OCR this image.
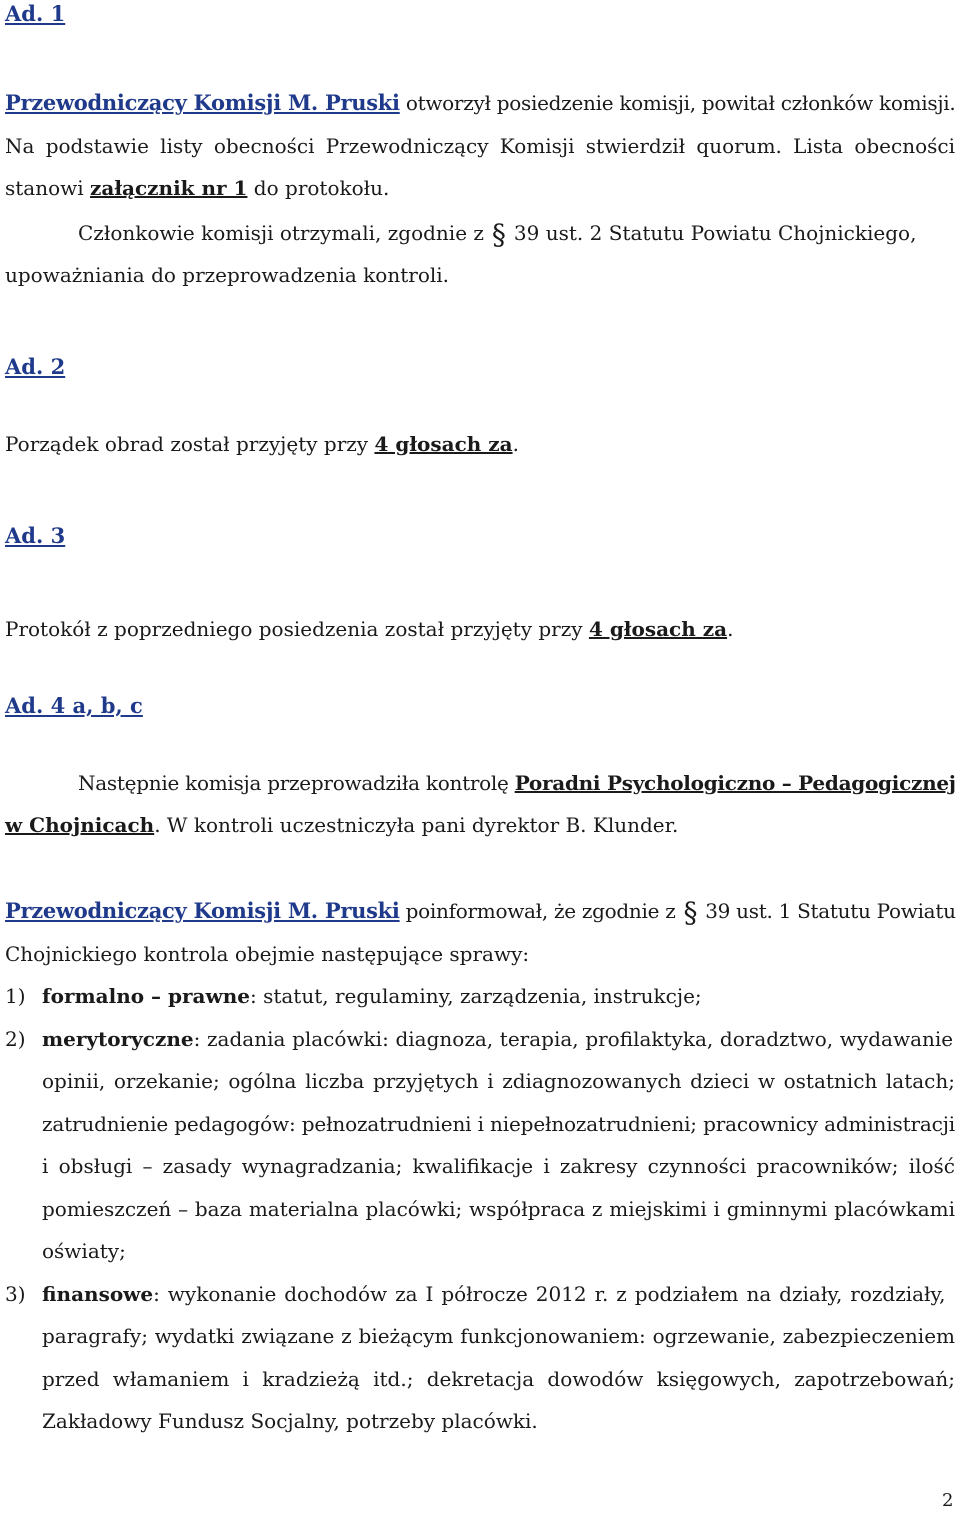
Ad. 1
Przewodniczący Komisji M. Pruski otworzył posiedzenie komisji, powitał członków komisji.
Na podstawie listy obecności Przewodniczący Komisji stwierdził quorum. Lista obecności
stanowi załącznik nr 1 do protokołu.
Członkowie komisji otrzymali, zgodnie z § 39 ust. 2 Statutu Powiatu Chojnickiego,
upoważniania do przeprowadzenia kontroli.
Ad. 2
Porządek obrad został przyjęty przy 4 głosach za.
Ad. 3
Protokół z poprzedniego posiedzenia został przyjęty przy 4 głosach za.
Ad. 4 a, b, c
Następnie komisja przeprowadziła kontrolę Poradni Psychologiczno – Pedagogicznej
w Chojnicach. W kontroli uczestniczyła pani dyrektor B. Klunder.
Przewodniczący Komisji M. Pruski poinformował, że zgodnie z § 39 ust. 1 Statutu Powiatu
Chojnickiego kontrola obejmie następujące sprawy:
1) formalno – prawne: statut, regulaminy, zarządzenia, instrukcje;
2) merytoryczne: zadania placówki: diagnoza, terapia, profilaktyka, doradztwo, wydawanie
opinii, orzekanie; ogólna liczba przyjętych i zdiagnozowanych dzieci w ostatnich latach;
zatrudnienie pedagogów: pełnozatrudnieni i niepełnozatrudnieni; pracownicy administracji
i obsługi – zasady wynagradzania; kwalifikacje i zakresy czynności pracowników; ilość
pomieszczeń – baza materialna placówki; współpraca z miejskimi i gminnymi placówkami
oświaty;
3) finansowe: wykonanie dochodów za I półrocze 2012 r. z podziałem na działy, rozdziały,
paragrafy; wydatki związane z bieżącym funkcjonowaniem: ogrzewanie, zabezpieczeniem
przed włamaniem i kradzieżą itd.; dekretacja dowodów księgowych, zapotrzebowań;
Zakładowy Fundusz Socjalny, potrzeby placówki.
2
